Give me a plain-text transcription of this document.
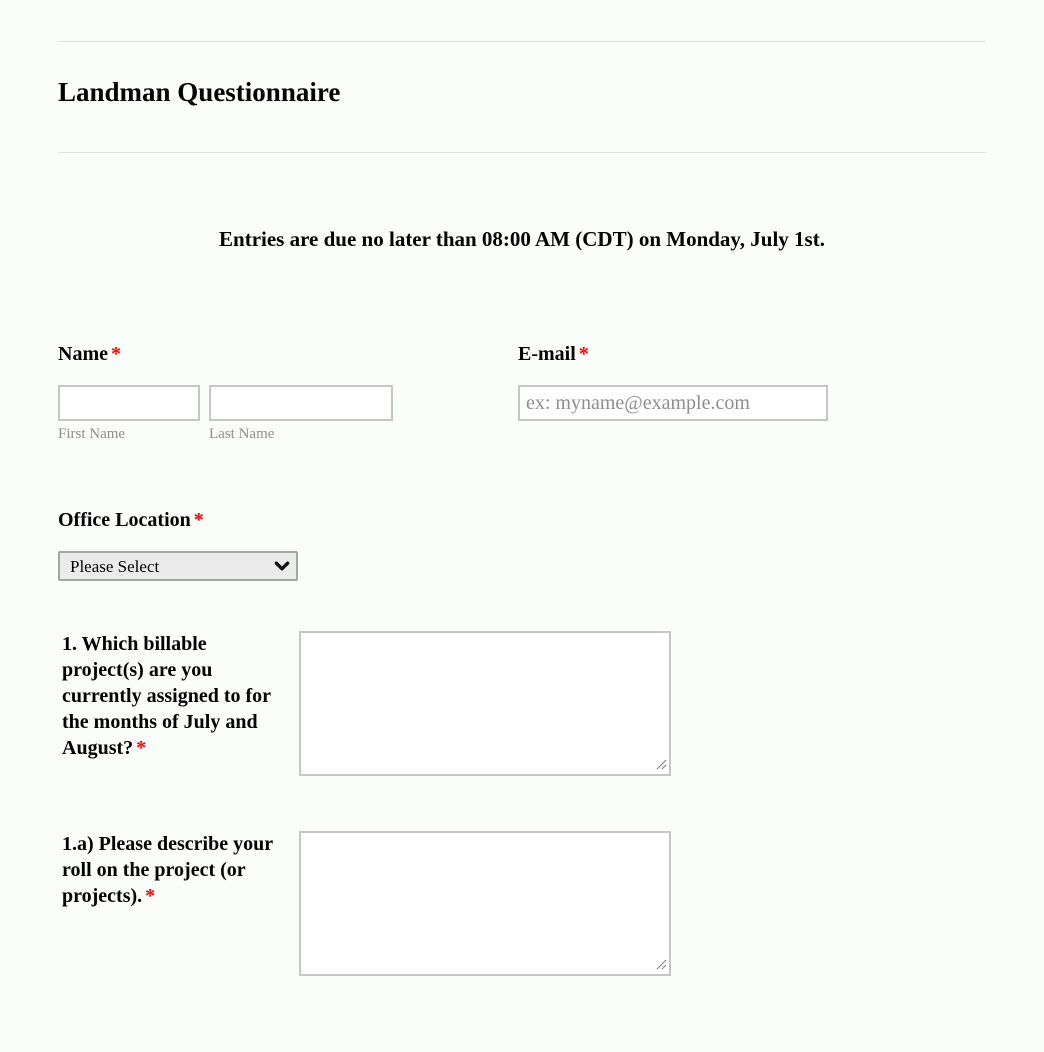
Landman Questionnaire
Entries are due no later than 08:00 AM (CDT) on Monday, July 1st.
Name *
First Name	Last Name
E-mail *
ex: myname@example.com
Office Location *
Please Select
1. Which billable project(s) are you currently assigned to for the months of July and August? *
1.a) Please describe your roll on the project (or projects). *
